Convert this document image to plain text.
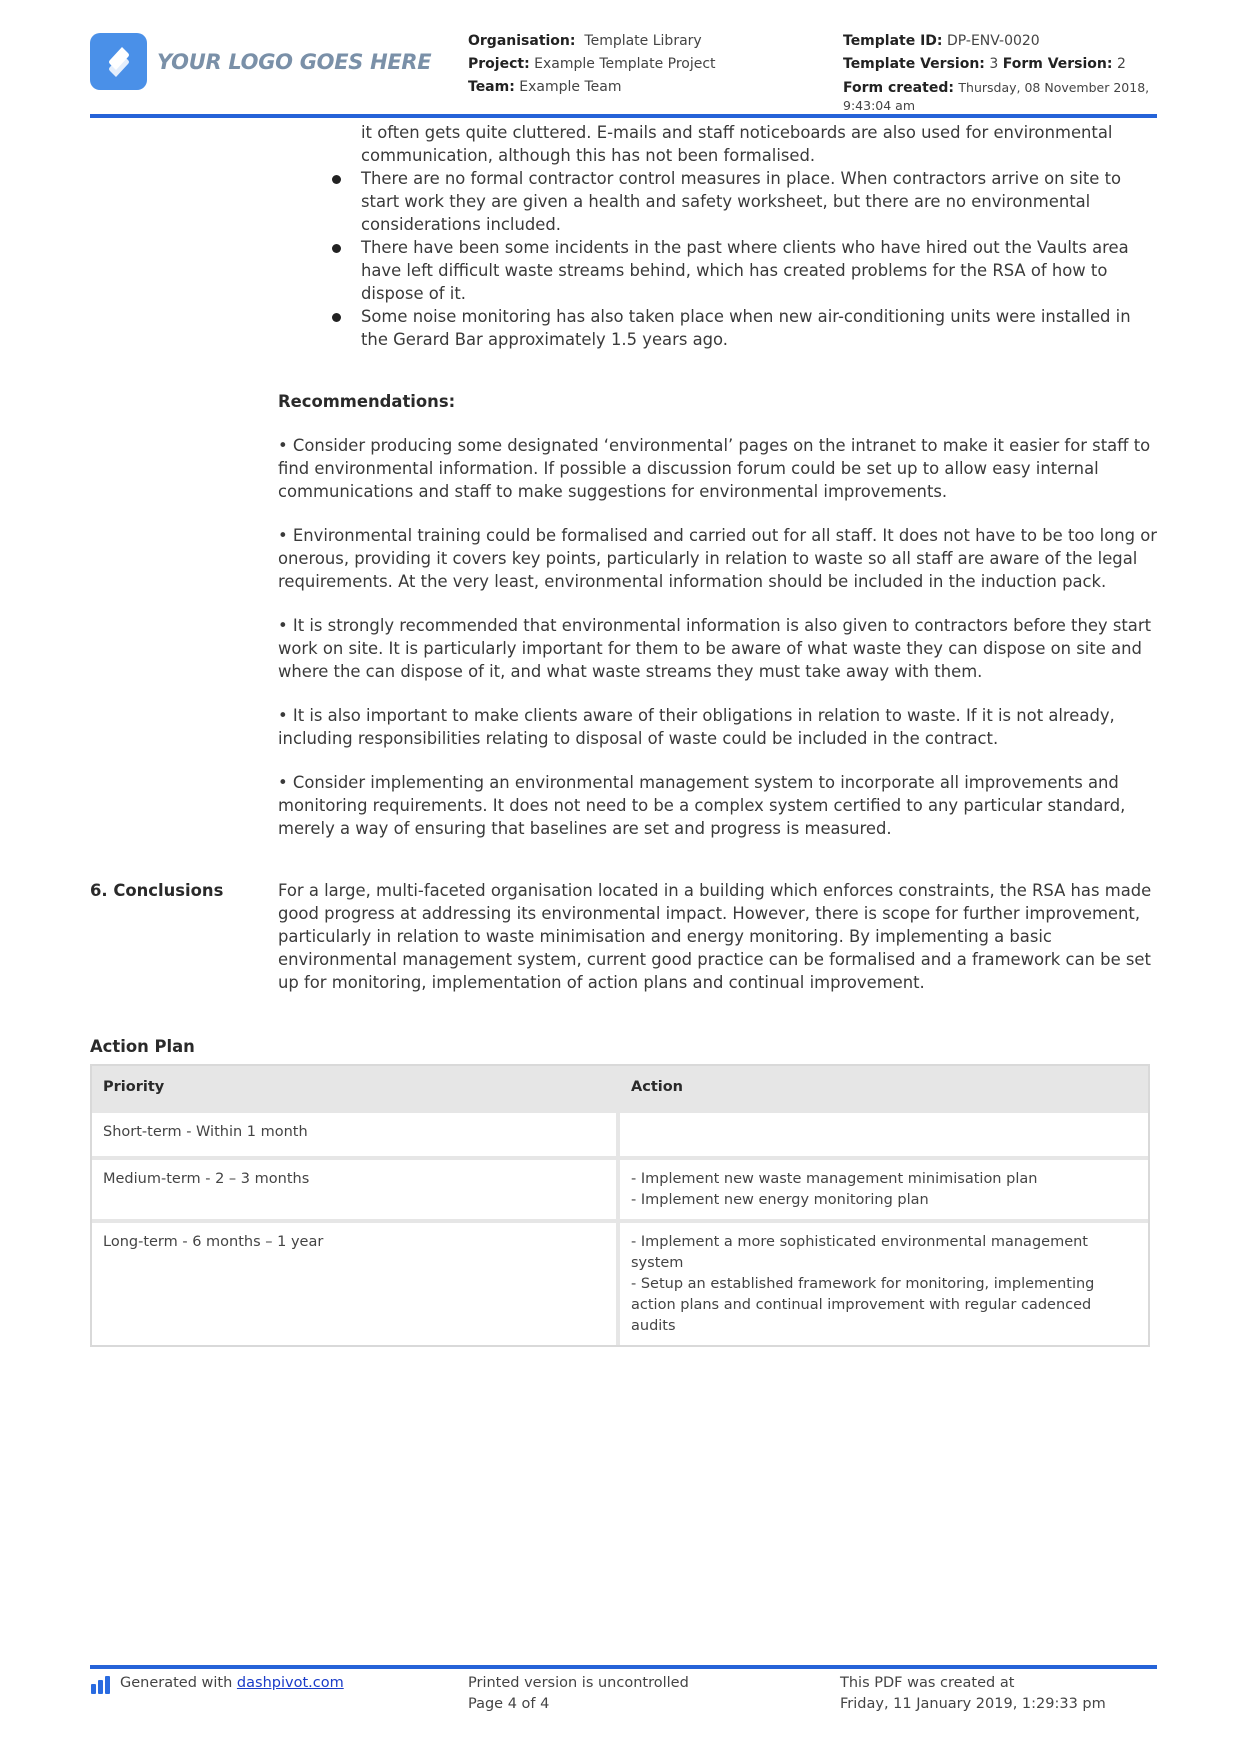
YOUR LOGO GOES HERE
Organisation: Template Library
Project: Example Template Project
Team: Example Team
Template ID: DP-ENV-0020
Template Version: 3 Form Version: 2
Form created: Thursday, 08 November 2018,
9:43:04 am
it often gets quite cluttered. E-mails and staff noticeboards are also used for environmental
communication, although this has not been formalised.
There are no formal contractor control measures in place. When contractors arrive on site to start work they are given a health and safety worksheet, but there are no environmental considerations included.
There have been some incidents in the past where clients who have hired out the Vaults area have left difficult waste streams behind, which has created problems for the RSA of how to dispose of it.
Some noise monitoring has also taken place when new air-conditioning units were installed in the Gerard Bar approximately 1.5 years ago.
Recommendations:

• Consider producing some designated ‘environmental’ pages on the intranet to make it easier for staff to find environmental information. If possible a discussion forum could be set up to allow easy internal communications and staff to make suggestions for environmental improvements.

• Environmental training could be formalised and carried out for all staff. It does not have to be too long or onerous, providing it covers key points, particularly in relation to waste so all staff are aware of the legal requirements. At the very least, environmental information should be included in the induction pack.

• It is strongly recommended that environmental information is also given to contractors before they start work on site. It is particularly important for them to be aware of what waste they can dispose on site and where the can dispose of it, and what waste streams they must take away with them.

• It is also important to make clients aware of their obligations in relation to waste. If it is not already, including responsibilities relating to disposal of waste could be included in the contract.

• Consider implementing an environmental management system to incorporate all improvements and monitoring requirements. It does not need to be a complex system certified to any particular standard, merely a way of ensuring that baselines are set and progress is measured.

6. Conclusions	For a large, multi-faceted organisation located in a building which enforces constraints, the RSA has made good progress at addressing its environmental impact. However, there is scope for further improvement, particularly in relation to waste minimisation and energy monitoring. By implementing a basic environmental management system, current good practice can be formalised and a framework can be set up for monitoring, implementation of action plans and continual improvement.
Action Plan
Priority	Action
Short-term - Within 1 month	
Medium-term - 2 – 3 months	- Implement new waste management minimisation plan
- Implement new energy monitoring plan

Long-term - 6 months – 1 year	- Implement a more sophisticated environmental management system
- Setup an established framework for monitoring, implementing action plans and continual improvement with regular cadenced audits
Generated with
dashpivot.com	Printed version is uncontrolled
Page 4 of 4
This PDF was created at
Friday, 11 January 2019, 1:29:33 pm
